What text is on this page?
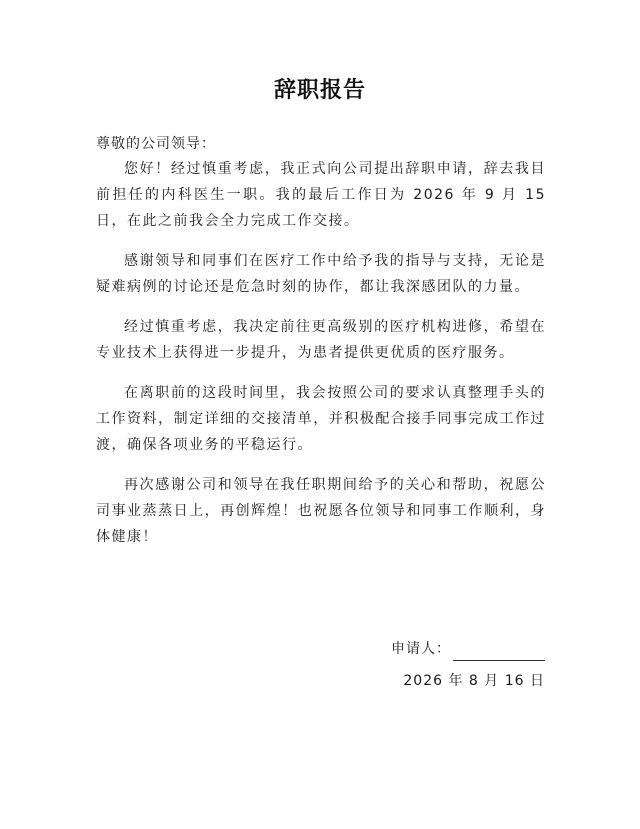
辞职报告
尊敬的公司领导：

您好！经过慎重考虑，我正式向公司提出辞职申请，辞去我目前担任的内科医生一职。我的最后工作日为 2026 年 9 月 15 日，在此之前我会全力完成工作交接。

感谢领导和同事们在医疗工作中给予我的指导与支持，无论是疑难病例的讨论还是危急时刻的协作，都让我深感团队的力量。

经过慎重考虑，我决定前往更高级别的医疗机构进修，希望在专业技术上获得进一步提升，为患者提供更优质的医疗服务。

在离职前的这段时间里，我会按照公司的要求认真整理手头的工作资料，制定详细的交接清单，并积极配合接手同事完成工作过渡，确保各项业务的平稳运行。

再次感谢公司和领导在我任职期间给予的关心和帮助，祝愿公司事业蒸蒸日上，再创辉煌！也祝愿各位领导和同事工作顺利，身体健康！

申请人：
2026 年 8 月 16 日
